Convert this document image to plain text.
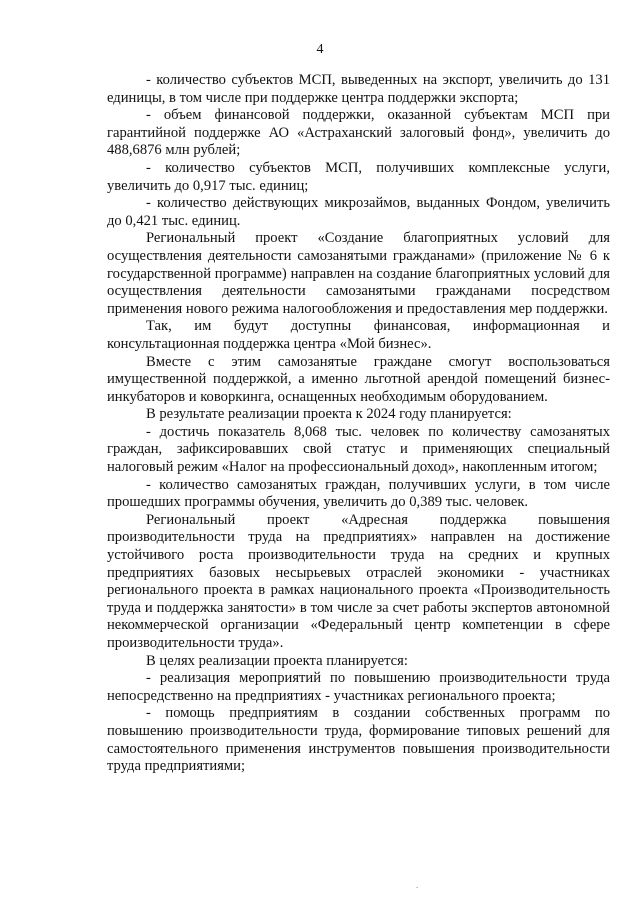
4

- количество субъектов МСП, выведенных на экспорт, увеличить до 131 единицы, в том числе при поддержке центра поддержки экспорта;

- объем финансовой поддержки, оказанной субъектам МСП при гарантийной поддержке АО «Астраханский залоговый фонд», увеличить до 488,6876 млн рублей;

- количество субъектов МСП, получивших комплексные услуги, увеличить до 0,917 тыс. единиц;

- количество действующих микрозаймов, выданных Фондом, увеличить до 0,421 тыс. единиц.

Региональный проект «Создание благоприятных условий для осуществления деятельности самозанятыми гражданами» (приложение № 6 к государственной программе) направлен на создание благоприятных условий для осуществления деятельности самозанятыми гражданами посредством применения нового режима налогообложения и предоставления мер поддержки.

Так, им будут доступны финансовая, информационная и консультационная поддержка центра «Мой бизнес».

Вместе с этим самозанятые граждане смогут воспользоваться имущественной поддержкой, а именно льготной арендой помещений бизнес-инкубаторов и коворкинга, оснащенных необходимым оборудованием.

В результате реализации проекта к 2024 году планируется:

- достичь показатель 8,068 тыс. человек по количеству самозанятых граждан, зафиксировавших свой статус и применяющих специальный налоговый режим «Налог на профессиональный доход», накопленным итогом;

- количество самозанятых граждан, получивших услуги, в том числе прошедших программы обучения, увеличить до 0,389 тыс. человек.

Региональный проект «Адресная поддержка повышения производительности труда на предприятиях» направлен на достижение устойчивого роста производительности труда на средних и крупных предприятиях базовых несырьевых отраслей экономики - участниках регионального проекта в рамках национального проекта «Производительность труда и поддержка занятости» в том числе за счет работы экспертов автономной некоммерческой организации «Федеральный центр компетенции в сфере производительности труда».

В целях реализации проекта планируется:

- реализация мероприятий по повышению производительности труда непосредственно на предприятиях - участниках регионального проекта;

- помощь предприятиям в создании собственных программ по повышению производительности труда, формирование типовых решений для самостоятельного применения инструментов повышения производительности труда предприятиями;

.
